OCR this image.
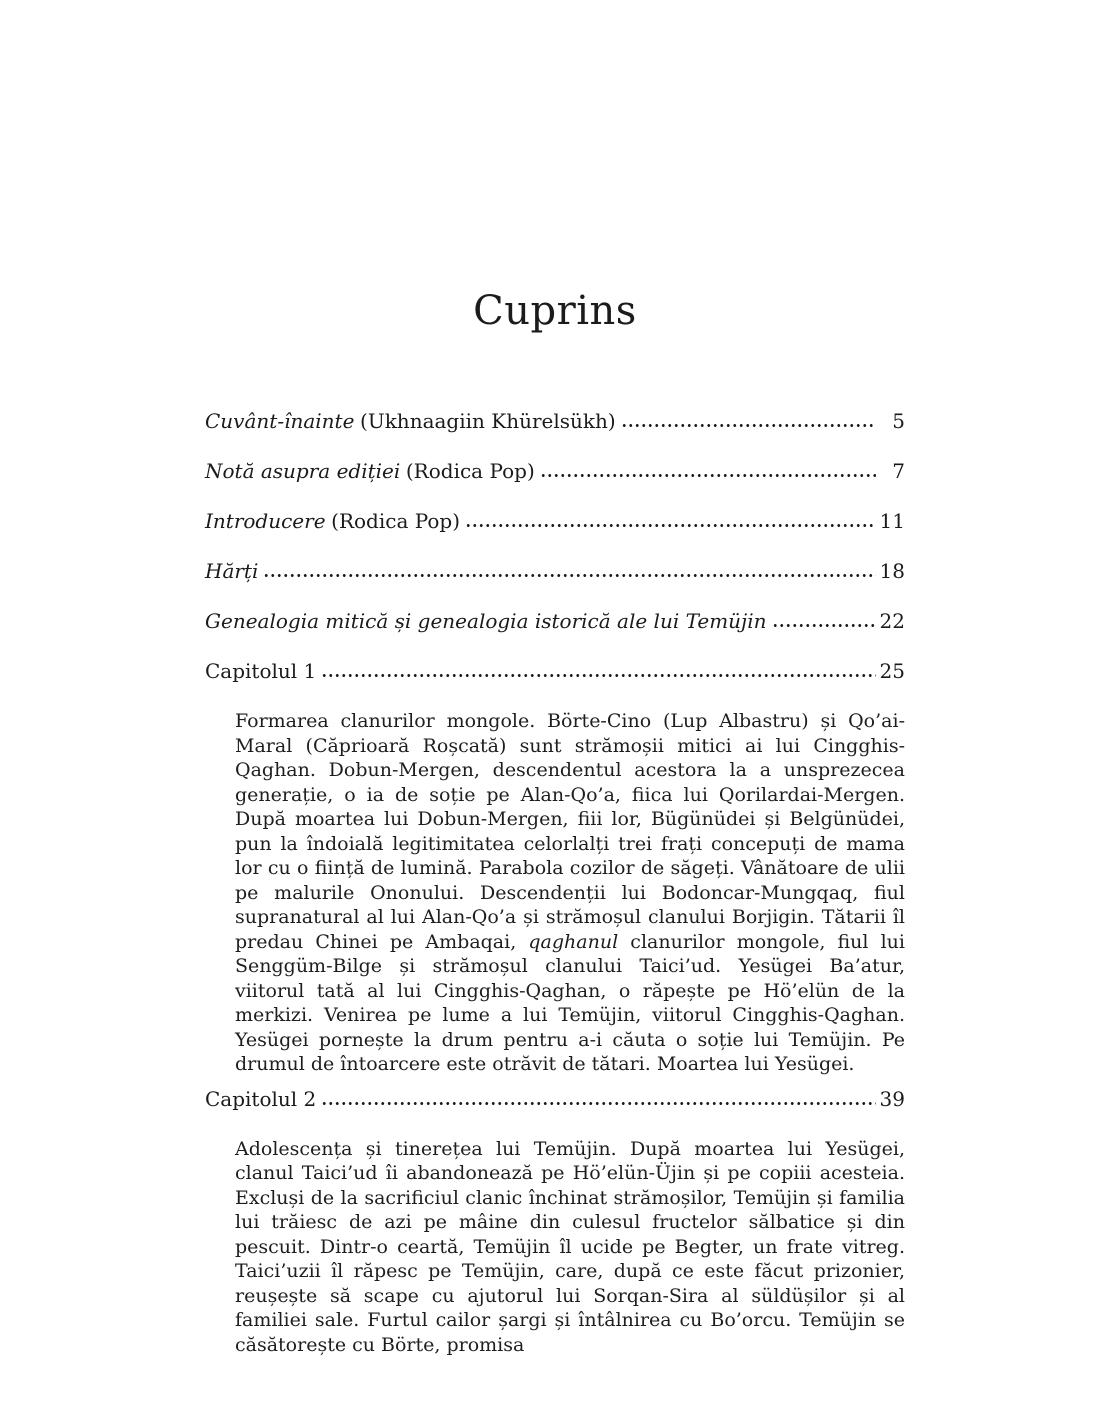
Cuprins
Cuvânt-înainte (Ukhnaagiin Khürelsükh)	5
Notă asupra ediției (Rodica Pop)	7
Introducere (Rodica Pop)	11
Hărți	18
Genealogia mitică și genealogia istorică ale lui Temüjin	22
Capitolul 1	25

Formarea clanurilor mongole. Börte-Cino (Lup Albastru) și Qo’ai-Maral (Căprioară Roșcată) sunt strămoșii mitici ai lui Cingghis-Qaghan. Dobun-Mergen, descendentul acestora la a unsprezecea generație, o ia de soție pe Alan-Qo’a, fiica lui Qorilardai-Mergen. După moartea lui Dobun-Mergen, fiii lor, Bügünüdei și Belgünüdei, pun la îndoială legitimitatea celorlalți trei frați concepuți de mama lor cu o ființă de lumină. Parabola cozilor de săgeți. Vânătoare de ulii pe malurile Ononului. Descendenții lui Bodoncar-Mungqaq, fiul supranatural al lui Alan-Qo’a și strămoșul clanului Borjigin. Tătarii îl predau Chinei pe Ambaqai, qaghanul clanurilor mongole, fiul lui Senggüm-Bilge și strămoșul clanului Taici’ud. Yesügei Ba’atur, viitorul tată al lui Cingghis-Qaghan, o răpește pe Hö’elün de la merkizi. Venirea pe lume a lui Temüjin, viitorul Cingghis-Qaghan. Yesügei pornește la drum pentru a-i căuta o soție lui Temüjin. Pe drumul de întoarcere este otrăvit de tătari. Moartea lui Yesügei.

Capitolul 2	39

Adolescența și tinerețea lui Temüjin. După moartea lui Yesügei, clanul Taici’ud îi abandonează pe Hö’elün-Üjin și pe copiii acesteia. Excluși de la sacrificiul clanic închinat strămoșilor, Temüjin și familia lui trăiesc de azi pe mâine din culesul fructelor sălbatice și din pescuit. Dintr-o ceartă, Temüjin îl ucide pe Begter, un frate vitreg. Taici’uzii îl răpesc pe Temüjin, care, după ce este făcut prizonier, reușește să scape cu ajutorul lui Sorqan-Sira al süldüșilor și al familiei sale. Furtul cailor șargi și întâlnirea cu Bo’orcu. Temüjin se căsătorește cu Börte, promisa
